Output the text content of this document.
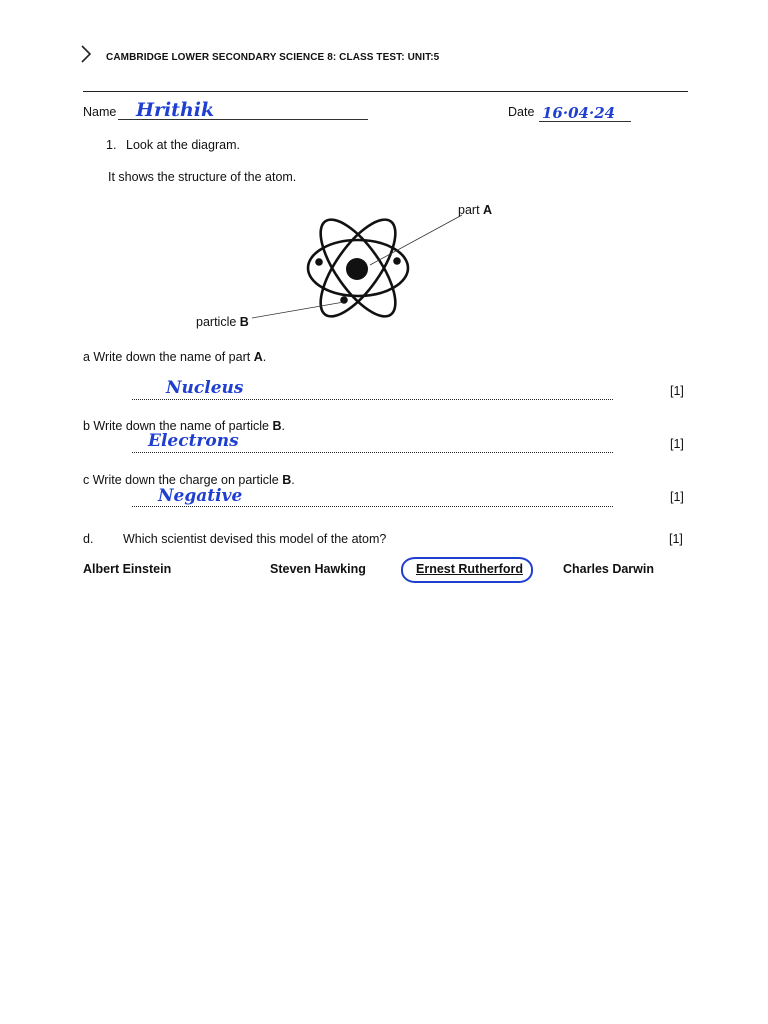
CAMBRIDGE LOWER SECONDARY SCIENCE 8: CLASS TEST: UNIT:5
Name Hrithik	Date 16·04·24
1. Look at the diagram.
It shows the structure of the atom.
part A
particle B
a Write down the name of part A.
Nucleus	[1]
b Write down the name of particle B.
Electrons	[1]
c Write down the charge on particle B.
Negative	[1]
d. Which scientist devised this model of the atom?	[1]
Albert Einstein	Steven Hawking	Ernest Rutherford	Charles Darwin
